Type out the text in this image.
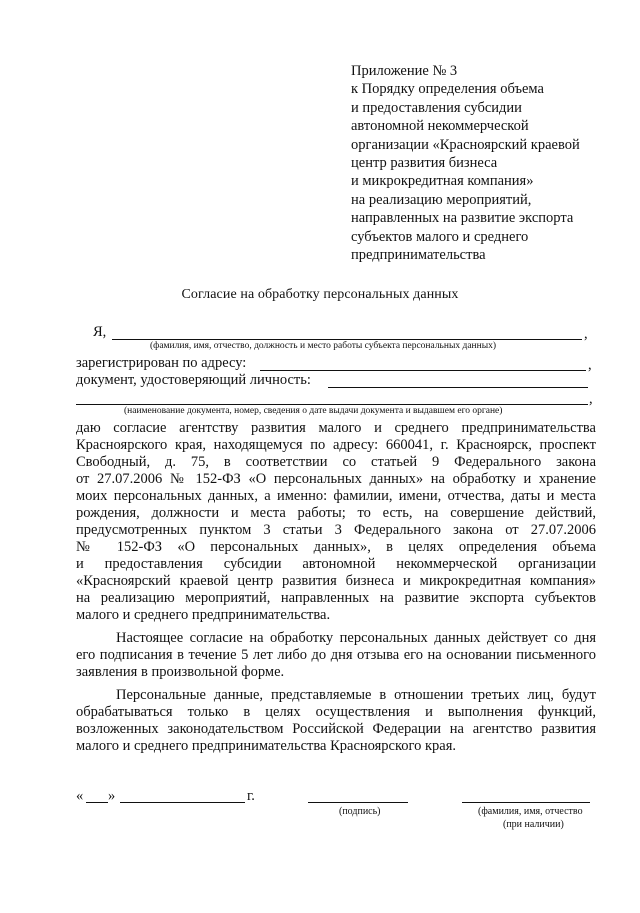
Приложение № 3
к Порядку определения объема
и предоставления субсидии
автономной некоммерческой
организации «Красноярский краевой
центр развития бизнеса
и микрокредитная компания»
на реализацию мероприятий,
направленных на развитие экспорта
субъектов малого и среднего
предпринимательства
Согласие на обработку персональных данных
Я,	,
(фамилия, имя, отчество, должность и место работы субъекта персональных данных)
зарегистрирован по адресу:	,
документ, удостоверяющий личность:
,
(наименование документа, номер, сведения о дате выдачи документа и выдавшем его органе)

даю согласие агентству развития малого и среднего предпринимательства

Красноярского края, находящемуся по адресу: 660041, г. Красноярск, проспект

Свободный, д. 75, в соответствии со статьей 9 Федерального закона

от 27.07.2006 № 152-ФЗ «О персональных данных» на обработку и хранение

моих персональных данных, а именно: фамилии, имени, отчества, даты и места

рождения, должности и места работы; то есть, на совершение действий,

предусмотренных пунктом 3 статьи 3 Федерального закона от 27.07.2006

№ 152-ФЗ «О персональных данных», в целях определения объема

и предоставления субсидии автономной некоммерческой организации

«Красноярский краевой центр развития бизнеса и микрокредитная компания»

на реализацию мероприятий, направленных на развитие экспорта субъектов

малого и среднего предпринимательства.

Настоящее согласие на обработку персональных данных действует со дня его подписания в течение 5 лет либо до дня отзыва его на основании письменного заявления в произвольной форме.

Персональные данные, представляемые в отношении третьих лиц, будут обрабатываться только в целях осуществления и выполнения функций, возложенных законодательством Российской Федерации на агентство развития малого и среднего предпринимательства Красноярского края.

« »	г.
(подпись)	(фамилия, имя, отчество
(при наличии)
